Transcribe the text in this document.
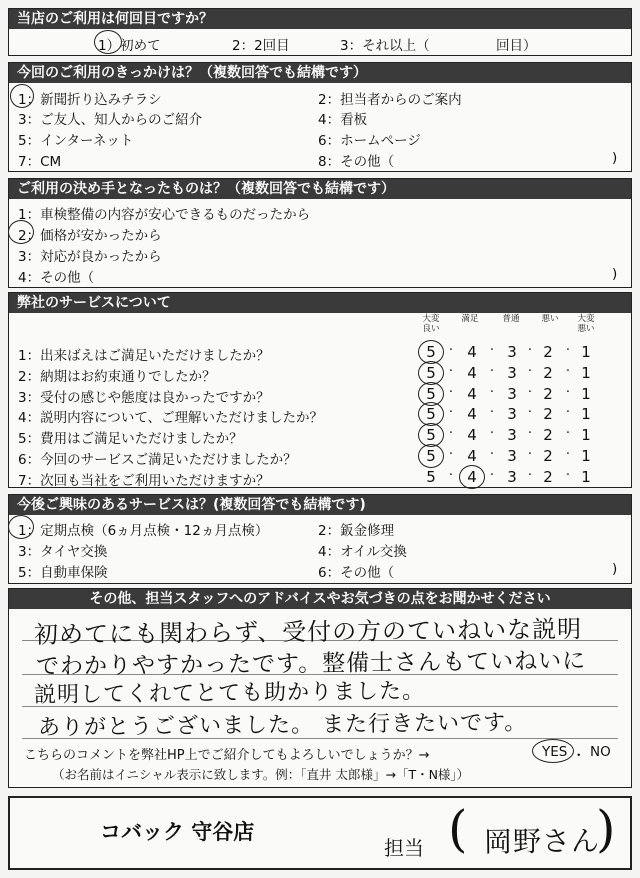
当店のご利用は何回目ですか？
1）初めて	2：2回目	3：それ以上（	回目）
今回のご利用のきっかけは？（複数回答でも結構です）
1：新聞折り込みチラシ	2：担当者からのご案内
3：ご友人、知人からのご紹介	4：看板
5：インターネット	6：ホームページ
7：CM	8：その他（	)
ご利用の決め手となったものは？（複数回答でも結構です）
1：車検整備の内容が安心できるものだったから
2：価格が安かったから
3：対応が良かったから
4：その他（	)
弊社のサービスについて
大変良い
満足	普通	悪い	大変悪い
1：出来ばえはご満足いただけましたか？	5	· 4	· 3 · 2	· 1
2：納期はお約束通りでしたか？	5	· 4	· 3 · 2	· 1
3：受付の感じや態度は良かったですか？	5	· 4	· 3 · 2	· 1
4：説明内容について、ご理解いただけましたか？	5	· 4	· 3 · 2	· 1
5：費用はご満足いただけましたか？	5	· 4	· 3 · 2	· 1
6：今回のサービスご満足いただけましたか？	5	· 4	· 3 · 2	· 1
7：次回も当社をご利用いただけますか？	5	· 4	· 3 · 2	· 1
今後ご興味のあるサービスは？(複数回答でも結構です)
1：定期点検（6ヵ月点検・12ヵ月点検）	2：鈑金修理
3：タイヤ交換	4：オイル交換
5：自動車保険	6：その他（	)
その他、担当スタッフへのアドバイスやお気づきの点をお聞かせください
初めてにも関わらず、受付の方のていねいな説明
でわかりやすかったです。整備士さんもていねいに
説明してくれてとても助かりました。
ありがとうございました。 また行きたいです。
こちらのコメントを弊社HP上でご紹介してもよろしいでしょうか？→	YES ・ NO
（お名前はイニシャル表示に致します。例：「直井 太郎様」→「T・N様」）
コバック 守谷店
担当 ( 岡野さん
)
